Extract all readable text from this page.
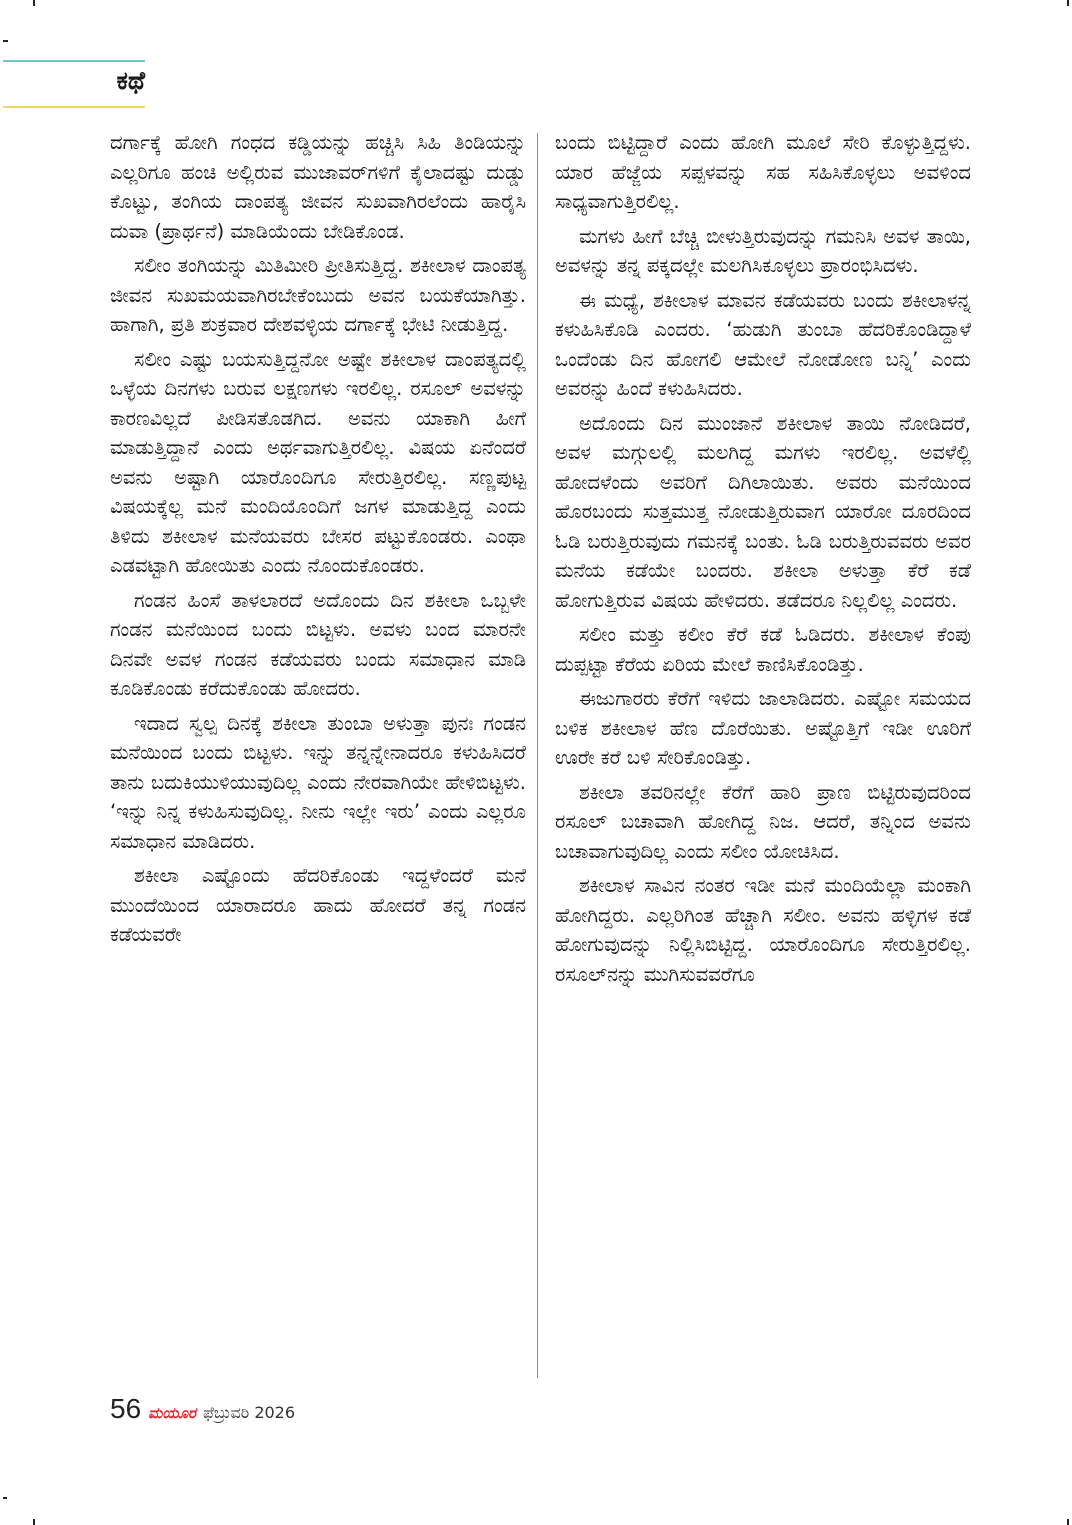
ಕಥೆ

ದರ್ಗಾಕ್ಕೆ ಹೋಗಿ ಗಂಧದ ಕಡ್ಡಿಯನ್ನು ಹಚ್ಚಿಸಿ ಸಿಹಿ ತಿಂಡಿಯನ್ನು ಎಲ್ಲರಿಗೂ ಹಂಚಿ ಅಲ್ಲಿರುವ ಮುಜಾವರ್‌ಗಳಿಗೆ ಕೈಲಾದಷ್ಟು ದುಡ್ಡು ಕೊಟ್ಟು, ತಂಗಿಯ ದಾಂಪತ್ಯ ಜೀವನ ಸುಖವಾಗಿರಲೆಂದು ಹಾರೈಸಿ ದುವಾ (ಪ್ರಾರ್ಥನೆ) ಮಾಡಿಯೆಂದು ಬೇಡಿಕೊಂಡ.

ಸಲೀಂ ತಂಗಿಯನ್ನು ಮಿತಿಮೀರಿ ಪ್ರೀತಿಸುತ್ತಿದ್ದ. ಶಕೀಲಾಳ ದಾಂಪತ್ಯ ಜೀವನ ಸುಖಮಯವಾಗಿರಬೇಕೆಂಬುದು ಅವನ ಬಯಕೆಯಾಗಿತ್ತು. ಹಾಗಾಗಿ, ಪ್ರತಿ ಶುಕ್ರವಾರ ದೇಶವಳ್ಳಿಯ ದರ್ಗಾಕ್ಕೆ ಭೇಟಿ ನೀಡುತ್ತಿದ್ದ.

ಸಲೀಂ ಎಷ್ಟು ಬಯಸುತ್ತಿದ್ದನೋ ಅಷ್ಟೇ ಶಕೀಲಾಳ ದಾಂಪತ್ಯದಲ್ಲಿ ಒಳ್ಳೆಯ ದಿನಗಳು ಬರುವ ಲಕ್ಷಣಗಳು ಇರಲಿಲ್ಲ. ರಸೂಲ್ ಅವಳನ್ನು ಕಾರಣವಿಲ್ಲದೆ ಪೀಡಿಸತೊಡಗಿದ. ಅವನು ಯಾಕಾಗಿ ಹೀಗೆ ಮಾಡುತ್ತಿದ್ದಾನೆ ಎಂದು ಅರ್ಥವಾಗುತ್ತಿರಲಿಲ್ಲ. ವಿಷಯ ಏನೆಂದರೆ ಅವನು ಅಷ್ಟಾಗಿ ಯಾರೊಂದಿಗೂ ಸೇರುತ್ತಿರಲಿಲ್ಲ. ಸಣ್ಣಪುಟ್ಟ ವಿಷಯಕ್ಕೆಲ್ಲ ಮನೆ ಮಂದಿಯೊಂದಿಗೆ ಜಗಳ ಮಾಡುತ್ತಿದ್ದ ಎಂದು ತಿಳಿದು ಶಕೀಲಾಳ ಮನೆಯವರು ಬೇಸರ ಪಟ್ಟುಕೊಂಡರು. ಎಂಥಾ ಎಡವಟ್ಟಾಗಿ ಹೋಯಿತು ಎಂದು ನೊಂದುಕೊಂಡರು.

ಗಂಡನ ಹಿಂಸೆ ತಾಳಲಾರದೆ ಅದೊಂದು ದಿನ ಶಕೀಲಾ ಒಬ್ಬಳೇ ಗಂಡನ ಮನೆಯಿಂದ ಬಂದು ಬಿಟ್ಟಳು. ಅವಳು ಬಂದ ಮಾರನೇ ದಿನವೇ ಅವಳ ಗಂಡನ ಕಡೆಯವರು ಬಂದು ಸಮಾಧಾನ ಮಾಡಿ ಕೂಡಿಕೊಂಡು ಕರೆದುಕೊಂಡು ಹೋದರು.

ಇದಾದ ಸ್ವಲ್ಪ ದಿನಕ್ಕೆ ಶಕೀಲಾ ತುಂಬಾ ಅಳುತ್ತಾ ಪುನಃ ಗಂಡನ ಮನೆಯಿಂದ ಬಂದು ಬಿಟ್ಟಳು. ಇನ್ನು ತನ್ನನ್ನೇನಾದರೂ ಕಳುಹಿಸಿದರೆ ತಾನು ಬದುಕಿಯುಳಿಯುವುದಿಲ್ಲ ಎಂದು ನೇರವಾಗಿಯೇ ಹೇಳಿಬಿಟ್ಟಳು. ‘ಇನ್ನು ನಿನ್ನ ಕಳುಹಿಸುವುದಿಲ್ಲ. ನೀನು ಇಲ್ಲೇ ಇರು’ ಎಂದು ಎಲ್ಲರೂ ಸಮಾಧಾನ ಮಾಡಿದರು.

ಶಕೀಲಾ ಎಷ್ಟೊಂದು ಹೆದರಿಕೊಂಡು ಇದ್ದಳೆಂದರೆ ಮನೆ ಮುಂದೆಯಿಂದ ಯಾರಾದರೂ ಹಾದು ಹೋದರೆ ತನ್ನ ಗಂಡನ ಕಡೆಯವರೇ

ಬಂದು ಬಿಟ್ಟಿದ್ದಾರೆ ಎಂದು ಹೋಗಿ ಮೂಲೆ ಸೇರಿ ಕೊಳ್ಳುತ್ತಿದ್ದಳು. ಯಾರ ಹೆಜ್ಜೆಯ ಸಪ್ಪಳವನ್ನು ಸಹ ಸಹಿಸಿಕೊಳ್ಳಲು ಅವಳಿಂದ ಸಾಧ್ಯವಾಗುತ್ತಿರಲಿಲ್ಲ.

ಮಗಳು ಹೀಗೆ ಬೆಚ್ಚಿ ಬೀಳುತ್ತಿರುವುದನ್ನು ಗಮನಿಸಿ ಅವಳ ತಾಯಿ, ಅವಳನ್ನು ತನ್ನ ಪಕ್ಕದಲ್ಲೇ ಮಲಗಿಸಿಕೂಳ್ಳಲು ಪ್ರಾರಂಭಿಸಿದಳು.

ಈ ಮಧ್ಯೆ, ಶಕೀಲಾಳ ಮಾವನ ಕಡೆಯವರು ಬಂದು ಶಕೀಲಾಳನ್ನ ಕಳುಹಿಸಿಕೊಡಿ ಎಂದರು. ‘ಹುಡುಗಿ ತುಂಬಾ ಹೆದರಿಕೊಂಡಿದ್ದಾಳೆ ಒಂದೆಂಡು ದಿನ ಹೋಗಲಿ ಆಮೇಲೆ ನೋಡೋಣ ಬನ್ನಿ’ ಎಂದು ಅವರನ್ನು ಹಿಂದೆ ಕಳುಹಿಸಿದರು.

ಅದೊಂದು ದಿನ ಮುಂಜಾನೆ ಶಕೀಲಾಳ ತಾಯಿ ನೋಡಿದರೆ, ಅವಳ ಮಗ್ಗುಲಲ್ಲಿ ಮಲಗಿದ್ದ ಮಗಳು ಇರಲಿಲ್ಲ. ಅವಳೆಲ್ಲಿ ಹೋದಳೆಂದು ಅವರಿಗೆ ದಿಗಿಲಾಯಿತು. ಅವರು ಮನೆಯಿಂದ ಹೊರಬಂದು ಸುತ್ತಮುತ್ತ ನೋಡುತ್ತಿರುವಾಗ ಯಾರೋ ದೂರದಿಂದ ಓಡಿ ಬರುತ್ತಿರುವುದು ಗಮನಕ್ಕೆ ಬಂತು. ಓಡಿ ಬರುತ್ತಿರುವವರು ಅವರ ಮನೆಯ ಕಡೆಯೇ ಬಂದರು. ಶಕೀಲಾ ಅಳುತ್ತಾ ಕೆರೆ ಕಡೆ ಹೋಗುತ್ತಿರುವ ವಿಷಯ ಹೇಳಿದರು. ತಡೆದರೂ ನಿಲ್ಲಲಿಲ್ಲ ಎಂದರು.

ಸಲೀಂ ಮತ್ತು ಕಲೀಂ ಕೆರೆ ಕಡೆ ಓಡಿದರು. ಶಕೀಲಾಳ ಕೆಂಪು ದುಪ್ಪಟ್ಟಾ ಕೆರೆಯ ಏರಿಯ ಮೇಲೆ ಕಾಣಿಸಿಕೊಂಡಿತ್ತು.

ಈಜುಗಾರರು ಕೆರೆಗೆ ಇಳಿದು ಜಾಲಾಡಿದರು. ಎಷ್ಟೋ ಸಮಯದ ಬಳಿಕ ಶಕೀಲಾಳ ಹೆಣ ದೊರೆಯಿತು. ಅಷ್ಟೊತ್ತಿಗೆ ಇಡೀ ಊರಿಗೆ ಊರೇ ಕರೆ ಬಳಿ ಸೇರಿಕೊಂಡಿತ್ತು.

ಶಕೀಲಾ ತವರಿನಲ್ಲೇ ಕೆರೆಗೆ ಹಾರಿ ಪ್ರಾಣ ಬಿಟ್ಟಿರುವುದರಿಂದ ರಸೂಲ್ ಬಚಾವಾಗಿ ಹೋಗಿದ್ದ ನಿಜ. ಆದರೆ, ತನ್ನಿಂದ ಅವನು ಬಚಾವಾಗುವುದಿಲ್ಲ ಎಂದು ಸಲೀಂ ಯೋಚಿಸಿದ.

ಶಕೀಲಾಳ ಸಾವಿನ ನಂತರ ಇಡೀ ಮನೆ ಮಂದಿಯೆಲ್ಲಾ ಮಂಕಾಗಿ ಹೋಗಿದ್ದರು. ಎಲ್ಲರಿಗಿಂತ ಹೆಚ್ಚಾಗಿ ಸಲೀಂ. ಅವನು ಹಳ್ಳಿಗಳ ಕಡೆ ಹೋಗುವುದನ್ನು ನಿಲ್ಲಿಸಿಬಿಟ್ಟಿದ್ದ. ಯಾರೊಂದಿಗೂ ಸೇರುತ್ತಿರಲಿಲ್ಲ. ರಸೂಲ್‌ನನ್ನು ಮುಗಿಸುವವರೆಗೂ

56 ಮಯೂರ ಫೆಬ್ರುವರಿ 2026
